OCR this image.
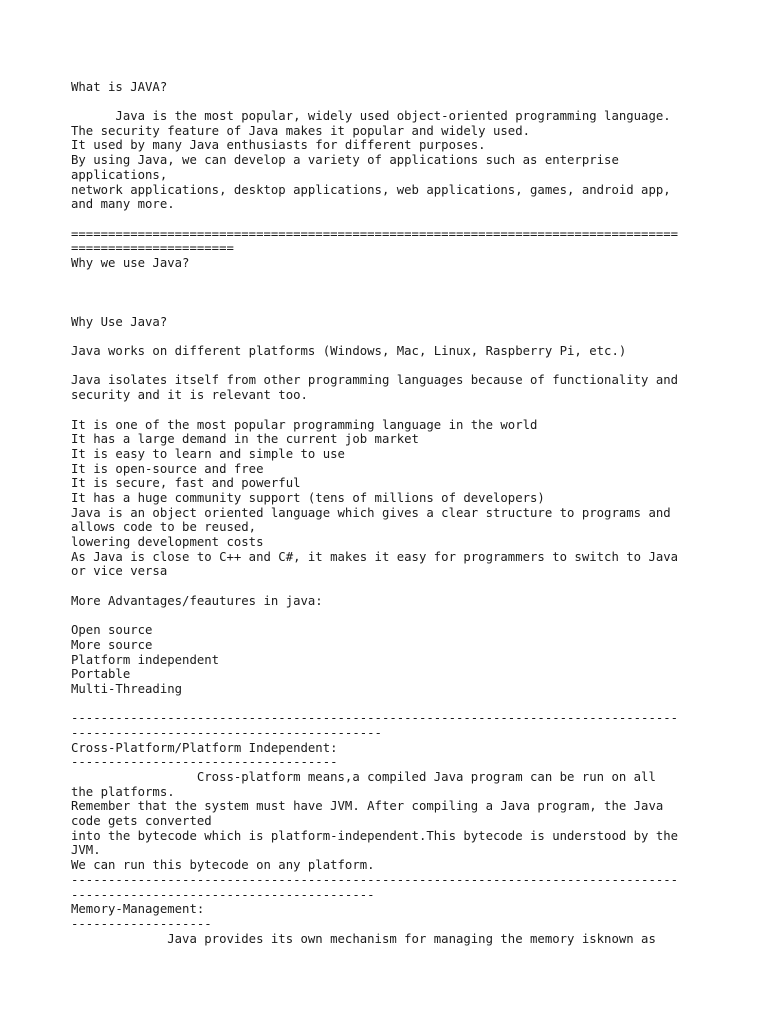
What is JAVA?

Java is the most popular, widely used object-oriented programming language.
The security feature of Java makes it popular and widely used.
It used by many Java enthusiasts for different purposes.
By using Java, we can develop a variety of applications such as enterprise
applications,
network applications, desktop applications, web applications, games, android app,
and many more.

==================================================================================
======================
Why we use Java?

Why Use Java?

Java works on different platforms (Windows, Mac, Linux, Raspberry Pi, etc.)

Java isolates itself from other programming languages because of functionality and
security and it is relevant too.

It is one of the most popular programming language in the world
It has a large demand in the current job market
It is easy to learn and simple to use
It is open-source and free
It is secure, fast and powerful
It has a huge community support (tens of millions of developers)
Java is an object oriented language which gives a clear structure to programs and
allows code to be reused,
lowering development costs
As Java is close to C++ and C#, it makes it easy for programmers to switch to Java
or vice versa

More Advantages/feautures in java:

Open source
More source
Platform independent
Portable
Multi-Threading

----------------------------------------------------------------------------------
------------------------------------------
Cross-Platform/Platform Independent:
------------------------------------
Cross-platform means,a compiled Java program can be run on all
the platforms.
Remember that the system must have JVM. After compiling a Java program, the Java
code gets converted
into the bytecode which is platform-independent.This bytecode is understood by the
JVM.
We can run this bytecode on any platform.
----------------------------------------------------------------------------------
-----------------------------------------
Memory-Management:
-------------------
Java provides its own mechanism for managing the memory isknown as
